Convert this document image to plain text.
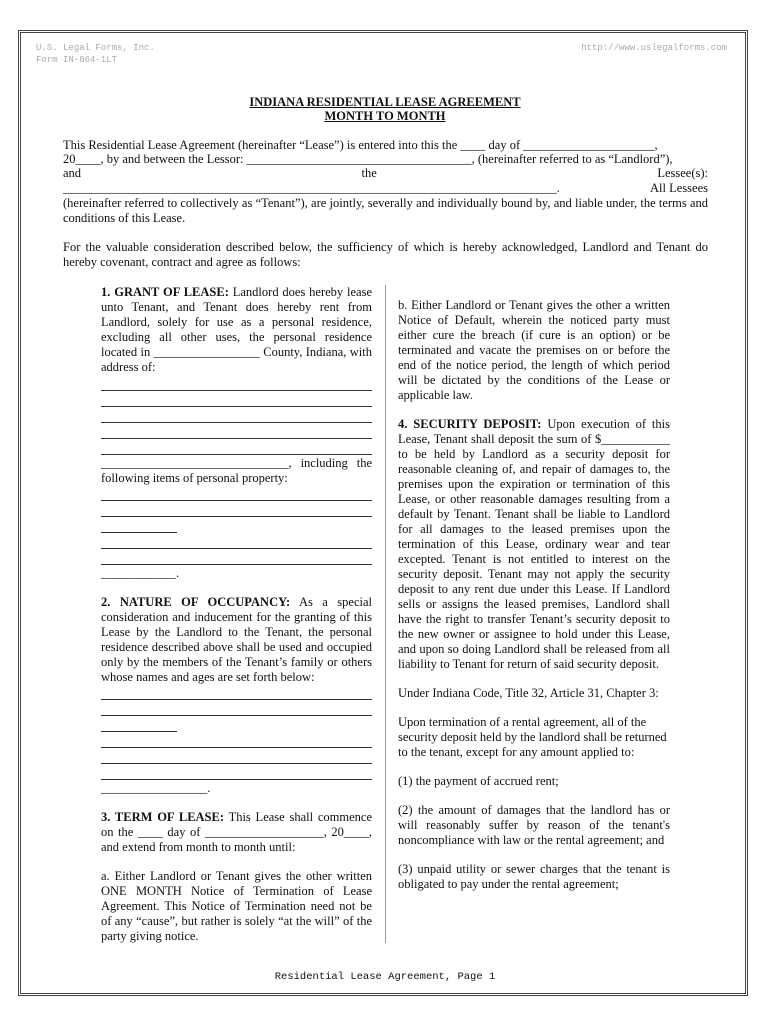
U.S. Legal Forms, Inc.
Form IN-864-1LT
http://www.uslegalforms.com
INDIANA RESIDENTIAL LEASE AGREEMENT
MONTH TO MONTH
This Residential Lease Agreement (hereinafter “Lease”) is entered into this the ____ day of _____________________,
20____, by and between the Lessor: ____________________________________, (hereinafter referred to as “Landlord”),
and	the	Lessee(s):
_______________________________________________________________________________.	All Lessees
(hereinafter referred to collectively as “Tenant”), are jointly, severally and individually bound by, and liable under, the terms and conditions of this Lease.
For the valuable consideration described below, the sufficiency of which is hereby acknowledged, Landlord and Tenant do hereby covenant, contract and agree as follows:

1. GRANT OF LEASE: Landlord does hereby lease unto Tenant, and Tenant does hereby rent from Landlord, solely for use as a personal residence, excluding all other uses, the personal residence located in _________________ County, Indiana, with address of:

______________________________, including the following items of personal property:

____________.

2. NATURE OF OCCUPANCY: As a special consideration and inducement for the granting of this Lease by the Landlord to the Tenant, the personal residence described above shall be used and occupied only by the members of the Tenant’s family or others whose names and ages are set forth below:

_________________.

3. TERM OF LEASE: This Lease shall commence on the ____ day of ___________________, 20____, and extend from month to month until:

a. Either Landlord or Tenant gives the other written ONE MONTH Notice of Termination of Lease Agreement. This Notice of Termination need not be of any “cause”, but rather is solely “at the will” of the party giving notice.

b. Either Landlord or Tenant gives the other a written Notice of Default, wherein the noticed party must either cure the breach (if cure is an option) or be terminated and vacate the premises on or before the end of the notice period, the length of which period will be dictated by the conditions of the Lease or applicable law.

4. SECURITY DEPOSIT: Upon execution of this Lease, Tenant shall deposit the sum of $___________ to be held by Landlord as a security deposit for reasonable cleaning of, and repair of damages to, the premises upon the expiration or termination of this Lease, or other reasonable damages resulting from a default by Tenant. Tenant shall be liable to Landlord for all damages to the leased premises upon the termination of this Lease, ordinary wear and tear excepted. Tenant is not entitled to interest on the security deposit. Tenant may not apply the security deposit to any rent due under this Lease. If Landlord sells or assigns the leased premises, Landlord shall have the right to transfer Tenant’s security deposit to the new owner or assignee to hold under this Lease, and upon so doing Landlord shall be released from all liability to Tenant for return of said security deposit.

Under Indiana Code, Title 32, Article 31, Chapter 3:

Upon termination of a rental agreement, all of the security deposit held by the landlord shall be returned to the tenant, except for any amount applied to:

(1) the payment of accrued rent;

(2) the amount of damages that the landlord has or will reasonably suffer by reason of the tenant's noncompliance with law or the rental agreement; and

(3) unpaid utility or sewer charges that the tenant is obligated to pay under the rental agreement;

Residential Lease Agreement, Page 1
